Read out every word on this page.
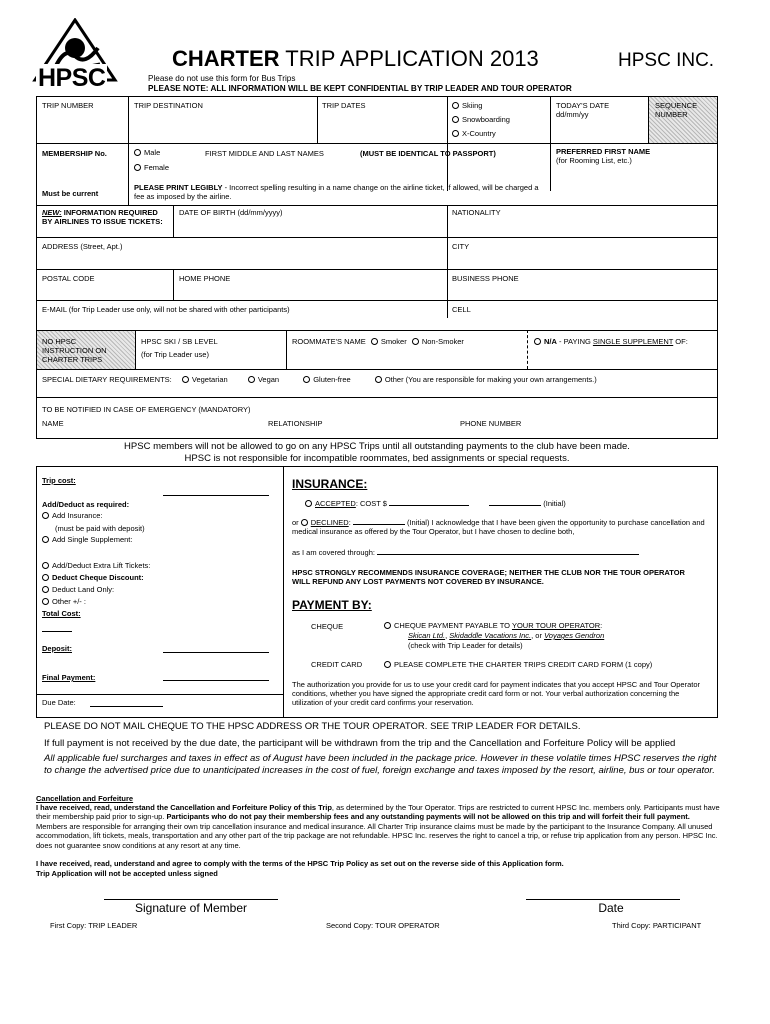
HPSC
CHARTER TRIP APPLICATION 2013	HPSC INC.
Please do not use this form for Bus Trips
PLEASE NOTE: ALL INFORMATION WILL BE KEPT CONFIDENTIAL BY TRIP LEADER AND TOUR OPERATOR
TRIP NUMBER	TRIP DESTINATION	TRIP DATES	Skiing
Snowboarding
X-Country
TODAY'S DATE
dd/mm/yy
SEQUENCE
NUMBER
MEMBERSHIP No.
Must be current
Male
Female
FIRST MIDDLE AND LAST NAMES	(MUST BE IDENTICAL TO PASSPORT)	PREFERRED FIRST NAME
(for Rooming List, etc.)
PLEASE PRINT LEGIBLY - Incorrect spelling resulting in a name change on the airline ticket, if allowed, will be charged a fee as imposed by the airline.
NEW: INFORMATION REQUIRED BY AIRLINES TO ISSUE TICKETS:
DATE OF BIRTH (dd/mm/yyyy)	NATIONALITY
ADDRESS (Street, Apt.)	CITY
POSTAL CODE	HOME PHONE	BUSINESS PHONE
E-MAIL (for Trip Leader use only, will not be shared with other participants)	CELL
NO HPSC INSTRUCTION ON CHARTER TRIPS
HPSC SKI / SB LEVEL
(for Trip Leader use)
ROOMMATE'S NAME Smoker Non-Smoker	N/A - PAYING SINGLE SUPPLEMENT OF:
SPECIAL DIETARY REQUIREMENTS:	Vegetarian	Vegan	Gluten-free	Other (You are responsible for making your own arrangements.)
TO BE NOTIFIED IN CASE OF EMERGENCY (MANDATORY)
NAME	RELATIONSHIP	PHONE NUMBER
HPSC members will not be allowed to go on any HPSC Trips until all outstanding payments to the club have been made.
HPSC is not responsible for incompatible roommates, bed assignments or special requests.
Trip cost:
Add/Deduct as required:
Add Insurance:
(must be paid with deposit)
Add Single Supplement:
Add/Deduct Extra Lift Tickets:
Deduct Cheque Discount:
Deduct Land Only:
Other +/- :
Total Cost:
Deposit:
Final Payment:
Due Date:
INSURANCE:
ACCEPTED: COST $	(Initial)
or DECLINED:	(Initial) I acknowledge that I have been given the opportunity to purchase cancellation and medical insurance as offered by the Tour Operator, but I have chosen to decline both,
as I am covered through:
HPSC STRONGLY RECOMMENDS INSURANCE COVERAGE; NEITHER THE CLUB NOR THE TOUR OPERATOR WILL REFUND ANY LOST PAYMENTS NOT COVERED BY INSURANCE.
PAYMENT BY:
CHEQUE	CHEQUE PAYMENT PAYABLE TO YOUR TOUR OPERATOR:
Skican Ltd., Skidaddle Vacations Inc., or Voyages Gendron
(check with Trip Leader for details)
CREDIT CARD	PLEASE COMPLETE THE CHARTER TRIPS CREDIT CARD FORM (1 copy)
The authorization you provide for us to use your credit card for payment indicates that you accept HPSC and Tour Operator conditions, whether you have signed the appropriate credit card form or not. Your verbal authorization concerning the utilization of your credit card confirms your reservation.
PLEASE DO NOT MAIL CHEQUE TO THE HPSC ADDRESS OR THE TOUR OPERATOR. SEE TRIP LEADER FOR DETAILS.
If full payment is not received by the due date, the participant will be withdrawn from the trip and the Cancellation and Forfeiture Policy will be applied
All applicable fuel surcharges and taxes in effect as of August have been included in the package price. However in these volatile times HPSC reserves the right to change the advertised price due to unanticipated increases in the cost of fuel, foreign exchange and taxes imposed by the resort, airline, bus or tour operator.
Cancellation and Forfeiture
I have received, read, understand the Cancellation and Forfeiture Policy of this Trip, as determined by the Tour Operator. Trips are restricted to current HPSC Inc. members only. Participants must have their membership paid prior to sign-up. Participants who do not pay their membership fees and any outstanding payments will not be allowed on this trip and will forfeit their full payment. Members are responsible for arranging their own trip cancellation insurance and medical insurance. All Charter Trip insurance claims must be made by the participant to the Insurance Company. All unused accommodation, lift tickets, meals, transportation and any other part of the trip package are not refundable. HPSC Inc. reserves the right to cancel a trip, or refuse trip application from any person. HPSC Inc. does not guarantee snow conditions at any resort at any time.
I have received, read, understand and agree to comply with the terms of the HPSC Trip Policy as set out on the reverse side of this Application form.
Trip Application will not be accepted unless signed
Signature of Member	Date
First Copy: TRIP LEADER	Second Copy: TOUR OPERATOR	Third Copy: PARTICIPANT
